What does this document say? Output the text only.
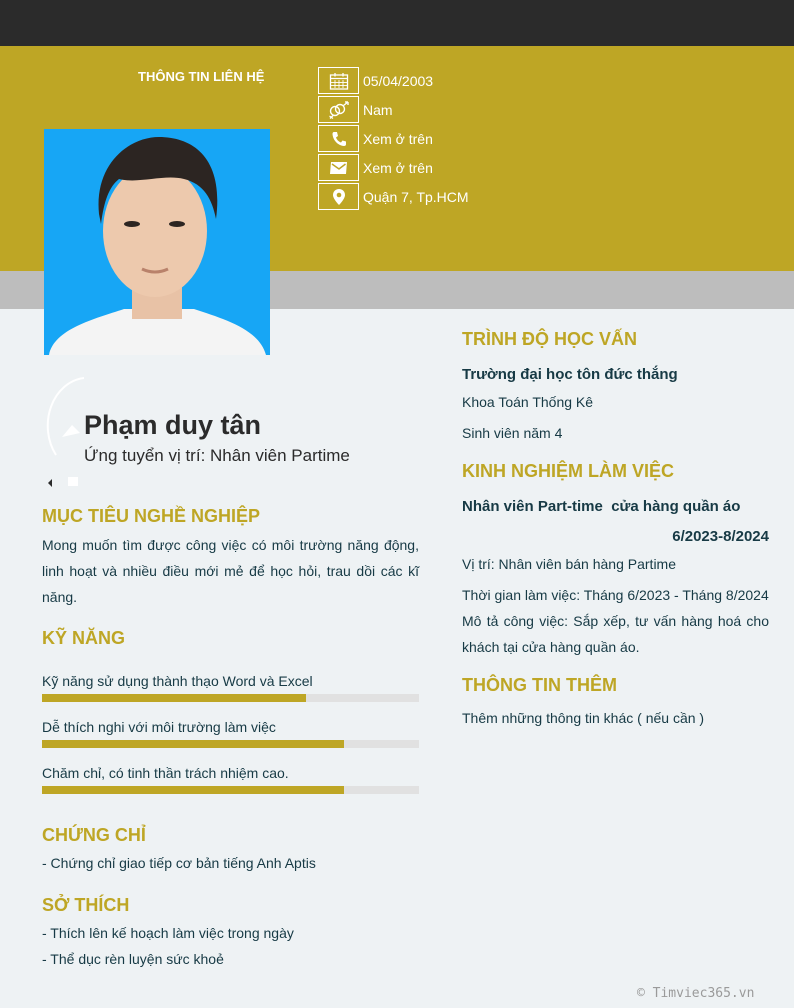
THÔNG TIN LIÊN HỆ	05/04/2003
Nam
Xem ở trên
Xem ở trên
Quận 7, Tp.HCM
Phạm duy tân
Ứng tuyển vị trí: Nhân viên Partime
MỤC TIÊU NGHỀ NGHIỆP
Mong muốn tìm được công việc có môi trường năng động, linh hoạt và nhiều điều mới mẻ để học hỏi, trau dồi các kĩ năng.
KỸ NĂNG
Kỹ năng sử dụng thành thạo Word và Excel
Dễ thích nghi với môi trường làm việc
Chăm chỉ, có tinh thần trách nhiệm cao.
CHỨNG CHỈ
- Chứng chỉ giao tiếp cơ bản tiếng Anh Aptis
SỞ THÍCH
- Thích lên kế hoạch làm việc trong ngày
- Thể dục rèn luyện sức khoẻ
TRÌNH ĐỘ HỌC VẤN
Trường đại học tôn đức thắng
Khoa Toán Thống Kê
Sinh viên năm 4
KINH NGHIỆM LÀM VIỆC
Nhân viên Part-time  cửa hàng quần áo
6/2023-8/2024
Vị trí: Nhân viên bán hàng Partime
Thời gian làm việc: Tháng 6/2023 - Tháng 8/2024
Mô tả công việc: Sắp xếp, tư vấn hàng hoá cho khách tại cửa hàng quần áo.
THÔNG TIN THÊM
Thêm những thông tin khác ( nếu cần )
© Timviec365.vn
